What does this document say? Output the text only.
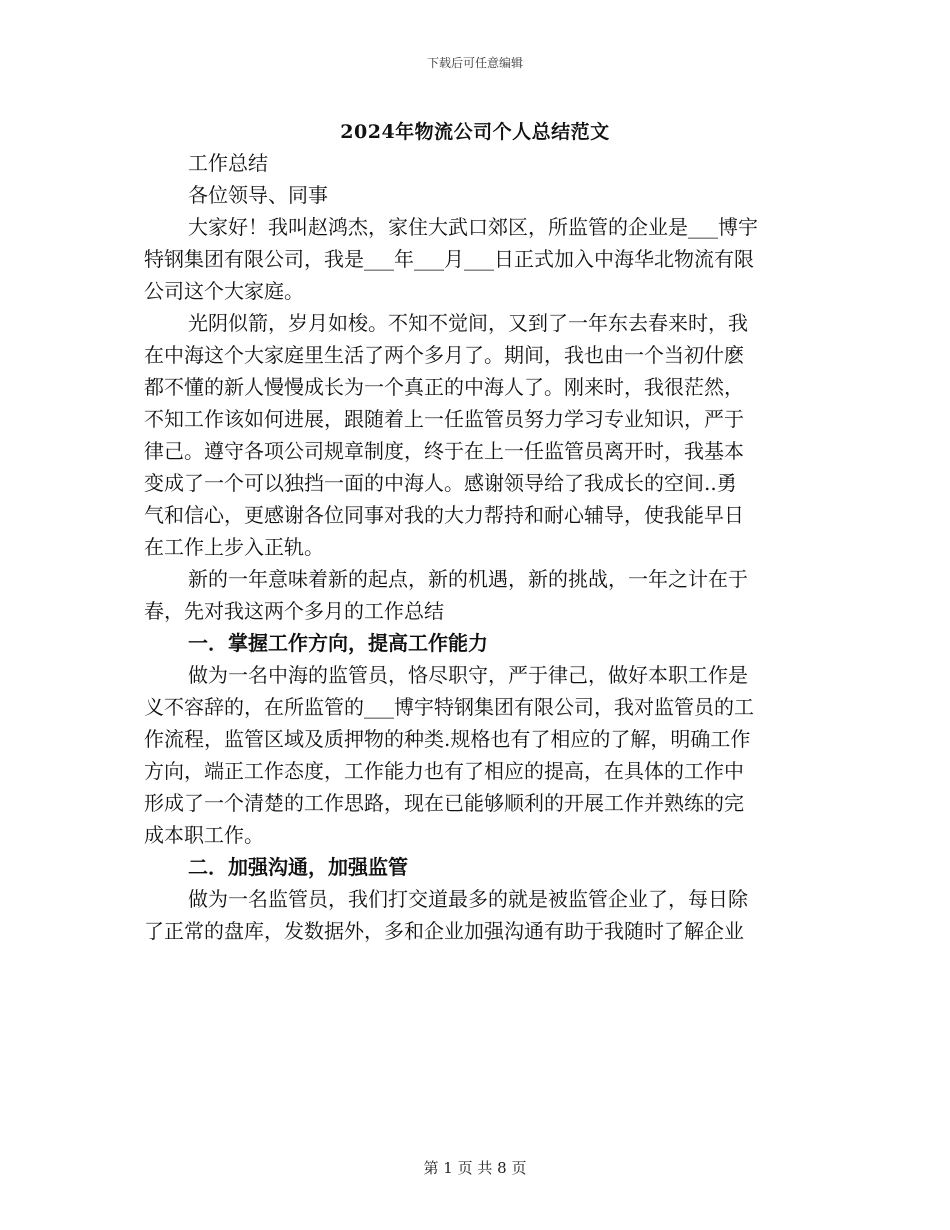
下载后可任意编辑
2024年物流公司个人总结范文
工作总结
各位领导、同事
大家好！我叫赵鸿杰，家住大武口郊区，所监管的企业是___博宇
特钢集团有限公司，我是___年___月___日正式加入中海华北物流有限
公司这个大家庭。
光阴似箭，岁月如梭。不知不觉间，又到了一年东去春来时，我
在中海这个大家庭里生活了两个多月了。期间，我也由一个当初什麽
都不懂的新人慢慢成长为一个真正的中海人了。刚来时，我很茫然，
不知工作该如何进展，跟随着上一任监管员努力学习专业知识，严于
律己。遵守各项公司规章制度，终于在上一任监管员离开时，我基本
变成了一个可以独挡一面的中海人。感谢领导给了我成长的空间..勇
气和信心，更感谢各位同事对我的大力帮持和耐心辅导，使我能早日
在工作上步入正轨。
新的一年意味着新的起点，新的机遇，新的挑战，一年之计在于
春，先对我这两个多月的工作总结
一．掌握工作方向，提高工作能力
做为一名中海的监管员，恪尽职守，严于律己，做好本职工作是
义不容辞的，在所监管的___博宇特钢集团有限公司，我对监管员的工
作流程，监管区域及质押物的种类.规格也有了相应的了解，明确工作
方向，端正工作态度，工作能力也有了相应的提高，在具体的工作中
形成了一个清楚的工作思路，现在已能够顺利的开展工作并熟练的完
成本职工作。
二．加强沟通，加强监管
做为一名监管员，我们打交道最多的就是被监管企业了，每日除
了正常的盘库，发数据外，多和企业加强沟通有助于我随时了解企业
第 1 页 共 8 页
